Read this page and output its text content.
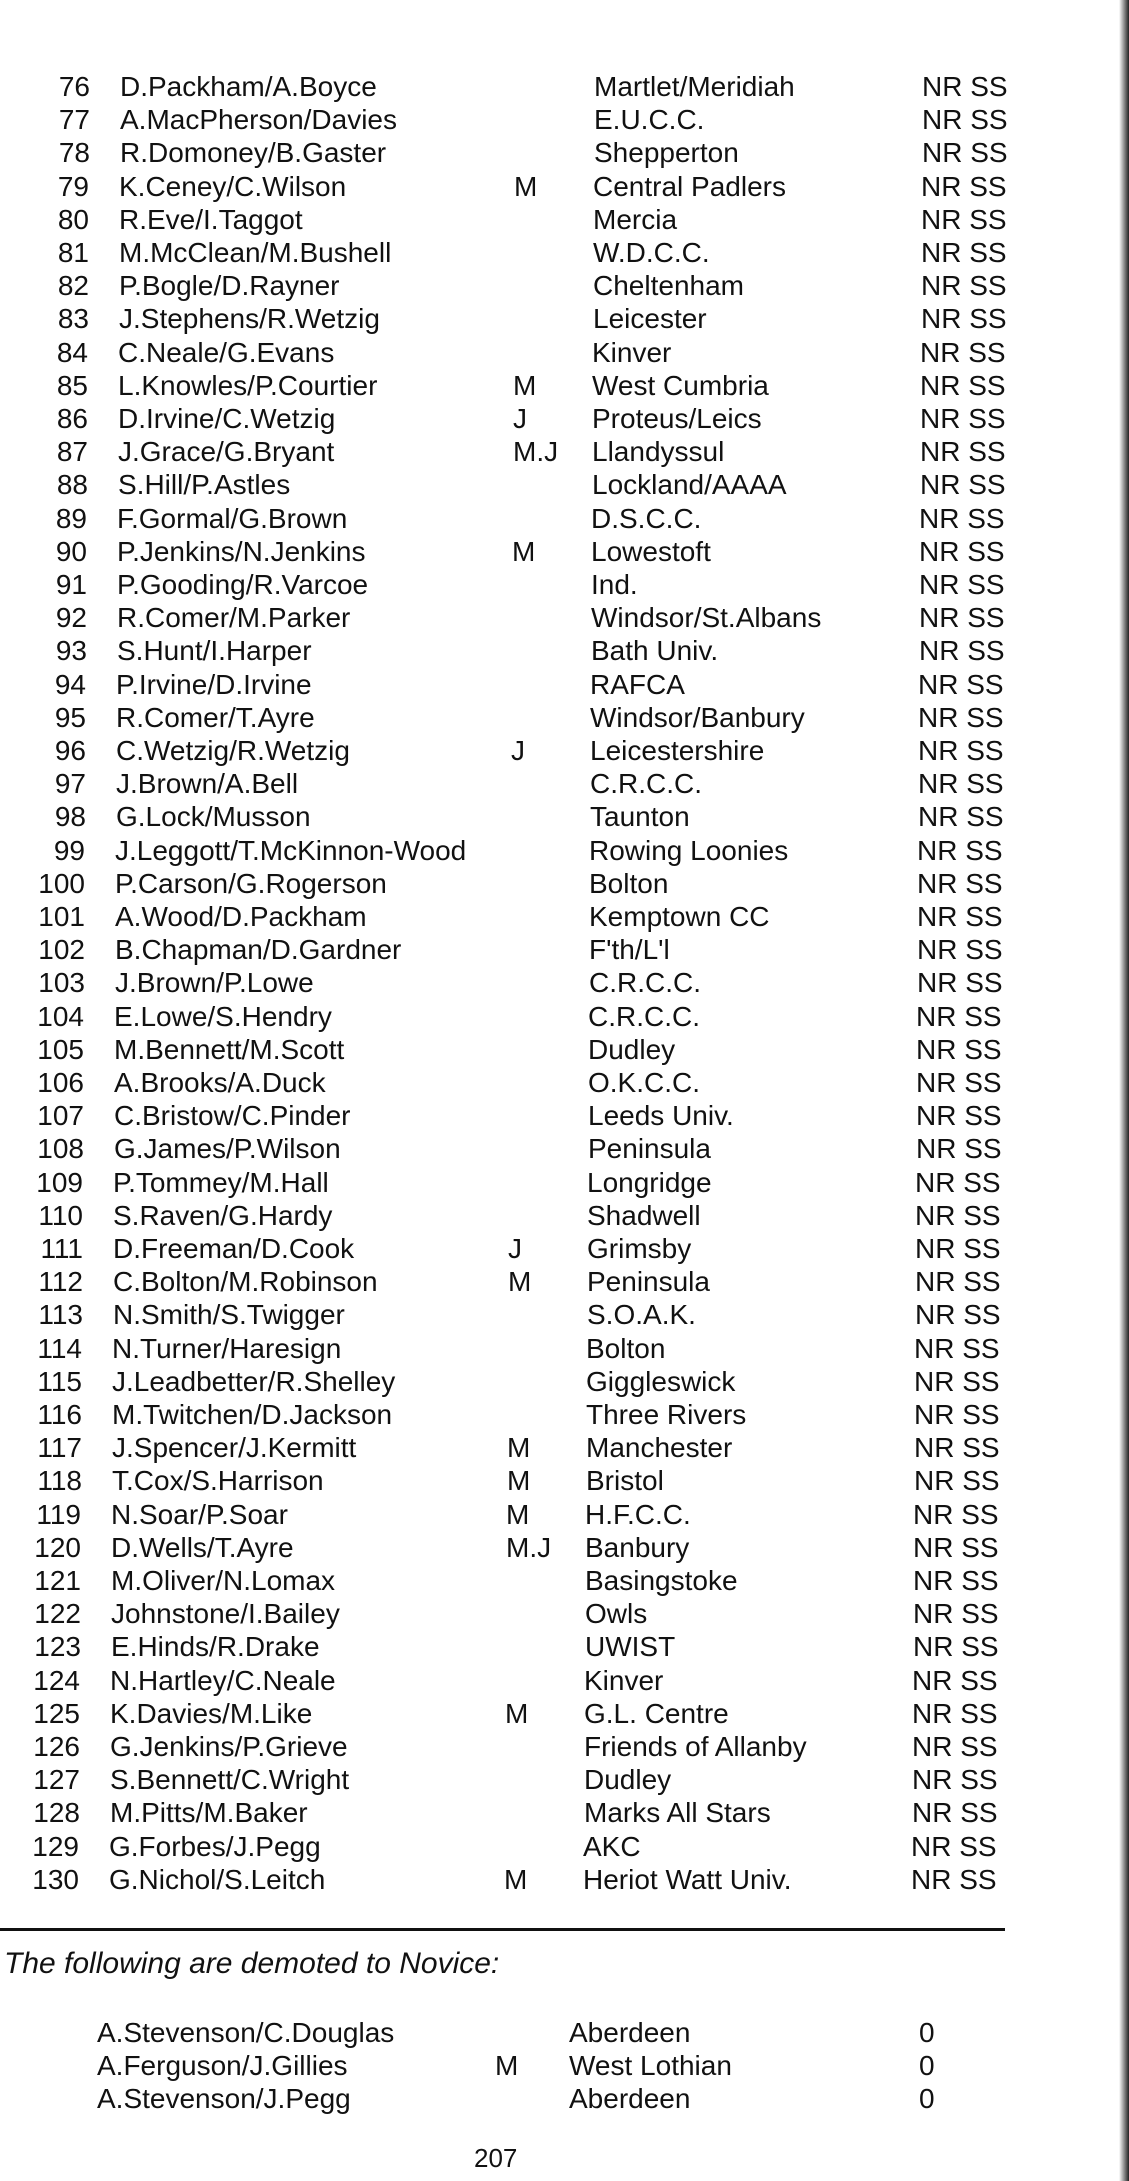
76 D.Packham/A.Boyce	Martlet/Meridiah	NR SS
77 A.MacPherson/Davies	E.U.C.C.	NR SS
78 R.Domoney/B.Gaster	Shepperton	NR SS
79 K.Ceney/C.Wilson	M Central Padlers	NR SS
80 R.Eve/I.Taggot	Mercia	NR SS
81 M.McClean/M.Bushell	W.D.C.C.	NR SS
82 P.Bogle/D.Rayner	Cheltenham	NR SS
83 J.Stephens/R.Wetzig	Leicester	NR SS
84 C.Neale/G.Evans	Kinver	NR SS
85 L.Knowles/P.Courtier	M West Cumbria	NR SS
86 D.Irvine/C.Wetzig	J Proteus/Leics	NR SS
87 J.Grace/G.Bryant	M.J Llandyssul	NR SS
88 S.Hill/P.Astles	Lockland/AAAA	NR SS
89 F.Gormal/G.Brown	D.S.C.C.	NR SS
90 P.Jenkins/N.Jenkins	M Lowestoft	NR SS
91 P.Gooding/R.Varcoe	Ind.	NR SS
92 R.Comer/M.Parker	Windsor/St.Albans	NR SS
93 S.Hunt/I.Harper	Bath Univ.	NR SS
94 P.Irvine/D.Irvine	RAFCA	NR SS
95 R.Comer/T.Ayre	Windsor/Banbury	NR SS
96 C.Wetzig/R.Wetzig	J Leicestershire	NR SS
97 J.Brown/A.Bell	C.R.C.C.	NR SS
98 G.Lock/Musson	Taunton	NR SS
99 J.Leggott/T.McKinnon-Wood	Rowing Loonies	NR SS
100 P.Carson/G.Rogerson	Bolton	NR SS
101 A.Wood/D.Packham	Kemptown CC	NR SS
102 B.Chapman/D.Gardner	F'th/L'l	NR SS
103 J.Brown/P.Lowe	C.R.C.C.	NR SS
104 E.Lowe/S.Hendry	C.R.C.C.	NR SS
105 M.Bennett/M.Scott	Dudley	NR SS
106 A.Brooks/A.Duck	O.K.C.C.	NR SS
107 C.Bristow/C.Pinder	Leeds Univ.	NR SS
108 G.James/P.Wilson	Peninsula	NR SS
109 P.Tommey/M.Hall	Longridge	NR SS
110 S.Raven/G.Hardy	Shadwell	NR SS
111 D.Freeman/D.Cook	J Grimsby	NR SS
112 C.Bolton/M.Robinson	M Peninsula	NR SS
113 N.Smith/S.Twigger	S.O.A.K.	NR SS
114 N.Turner/Haresign	Bolton	NR SS
115 J.Leadbetter/R.Shelley	Giggleswick	NR SS
116 M.Twitchen/D.Jackson	Three Rivers	NR SS
117 J.Spencer/J.Kermitt	M Manchester	NR SS
118 T.Cox/S.Harrison	M Bristol	NR SS
119 N.Soar/P.Soar	M H.F.C.C.	NR SS
120 D.Wells/T.Ayre	M.J Banbury	NR SS
121 M.Oliver/N.Lomax	Basingstoke	NR SS
122 Johnstone/I.Bailey	Owls	NR SS
123 E.Hinds/R.Drake	UWIST	NR SS
124 N.Hartley/C.Neale	Kinver	NR SS
125 K.Davies/M.Like	M G.L. Centre	NR SS
126 G.Jenkins/P.Grieve	Friends of Allanby	NR SS
127 S.Bennett/C.Wright	Dudley	NR SS
128 M.Pitts/M.Baker	Marks All Stars	NR SS
129 G.Forbes/J.Pegg	AKC	NR SS
130 G.Nichol/S.Leitch	M Heriot Watt Univ.	NR SS
The following are demoted to Novice:
A.Stevenson/C.Douglas	Aberdeen	0
A.Ferguson/J.Gillies	M West Lothian	0
A.Stevenson/J.Pegg	Aberdeen	0
207
